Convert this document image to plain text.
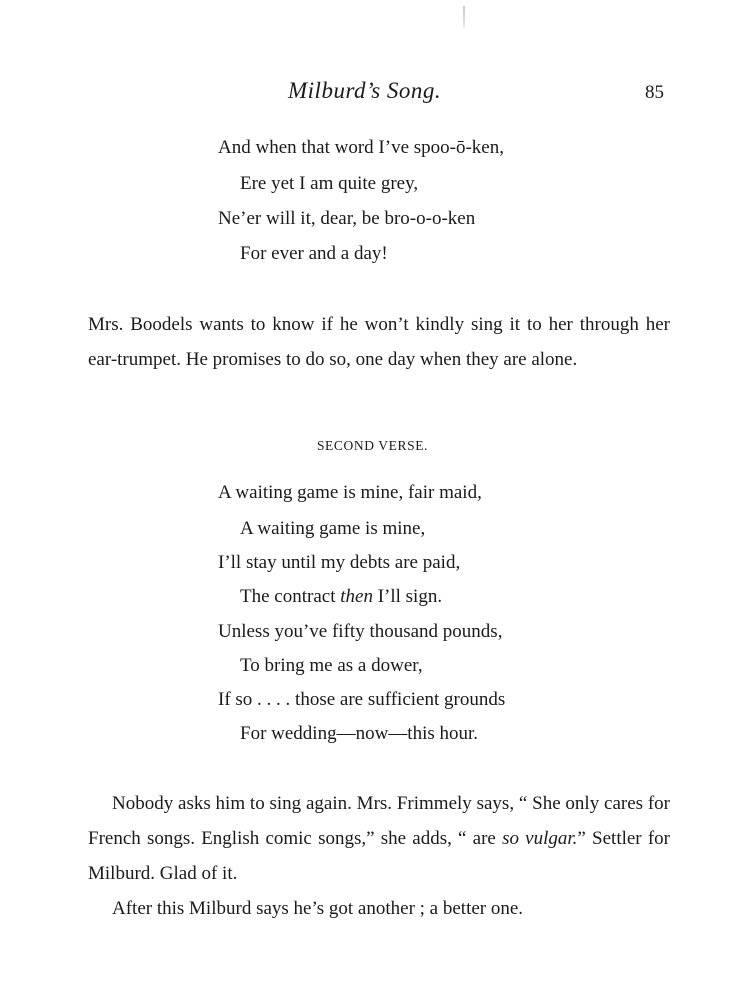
Milburd’s Song.	85
And when that word I’ve spoo-ō-ken,
Ere yet I am quite grey,
Ne’er will it, dear, be bro-o-o-ken
For ever and a day!

Mrs. Boodels wants to know if he won’t kindly sing it to her through her ear-trumpet. He promises to do so, one day when they are alone.

SECOND VERSE.
A waiting game is mine, fair maid,
A waiting game is mine,
I’ll stay until my debts are paid,
The contract then I’ll sign.
Unless you’ve fifty thousand pounds,
To bring me as a dower,
If so . . . . those are sufficient grounds
For wedding—now—this hour.

Nobody asks him to sing again. Mrs. Frimmely says, “ She only cares for French songs. English comic songs,” she adds, “ are so vulgar.” Settler for Milburd. Glad of it.

After this Milburd says he’s got another ; a better one.
